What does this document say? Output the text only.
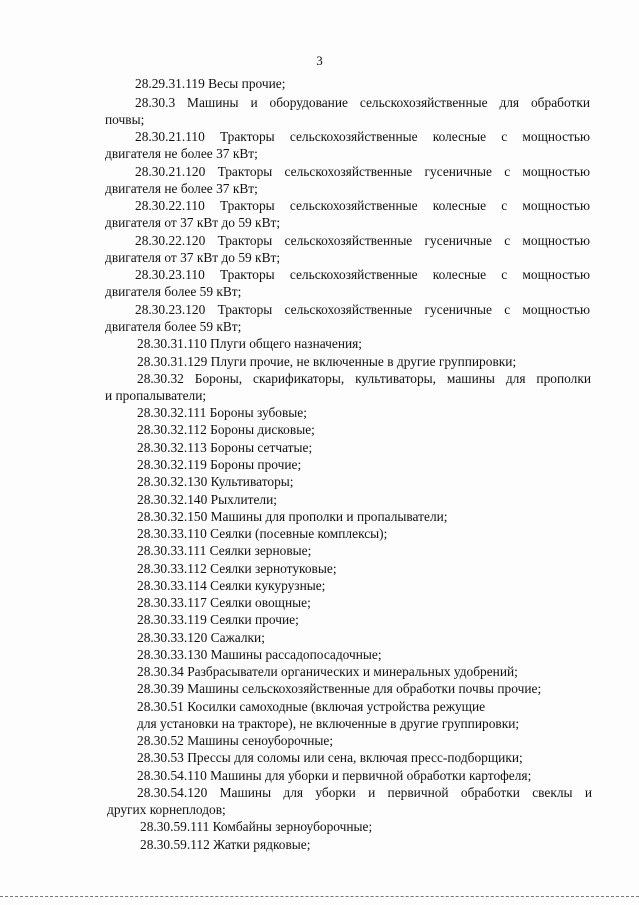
3
28.29.31.119 Весы прочие;
28.30.3 Машины и оборудование сельскохозяйственные для обработки
почвы;
28.30.21.110 Тракторы сельскохозяйственные колесные с мощностью
двигателя не более 37 кВт;
28.30.21.120 Тракторы сельскохозяйственные гусеничные с мощностью
двигателя не более 37 кВт;
28.30.22.110 Тракторы сельскохозяйственные колесные с мощностью
двигателя от 37 кВт до 59 кВт;
28.30.22.120 Тракторы сельскохозяйственные гусеничные с мощностью
двигателя от 37 кВт до 59 кВт;
28.30.23.110 Тракторы сельскохозяйственные колесные с мощностью
двигателя более 59 кВт;
28.30.23.120 Тракторы сельскохозяйственные гусеничные с мощностью
двигателя более 59 кВт;
28.30.31.110 Плуги общего назначения;
28.30.31.129 Плуги прочие, не включенные в другие группировки;
28.30.32 Бороны, скарификаторы, культиваторы, машины для прополки
и пропалыватели;
28.30.32.111 Бороны зубовые;
28.30.32.112 Бороны дисковые;
28.30.32.113 Бороны сетчатые;
28.30.32.119 Бороны прочие;
28.30.32.130 Культиваторы;
28.30.32.140 Рыхлители;
28.30.32.150 Машины для прополки и пропалыватели;
28.30.33.110 Сеялки (посевные комплексы);
28.30.33.111 Сеялки зерновые;
28.30.33.112 Сеялки зернотуковые;
28.30.33.114 Сеялки кукурузные;
28.30.33.117 Сеялки овощные;
28.30.33.119 Сеялки прочие;
28.30.33.120 Сажалки;
28.30.33.130 Машины рассадопосадочные;
28.30.34 Разбрасыватели органических и минеральных удобрений;
28.30.39 Машины сельскохозяйственные для обработки почвы прочие;
28.30.51 Косилки самоходные (включая устройства режущие
для установки на тракторе), не включенные в другие группировки;
28.30.52 Машины сеноуборочные;
28.30.53 Прессы для соломы или сена, включая пресс-подборщики;
28.30.54.110 Машины для уборки и первичной обработки картофеля;
28.30.54.120 Машины для уборки и первичной обработки свеклы и
других корнеплодов;
28.30.59.111 Комбайны зерноуборочные;
28.30.59.112 Жатки рядковые;
